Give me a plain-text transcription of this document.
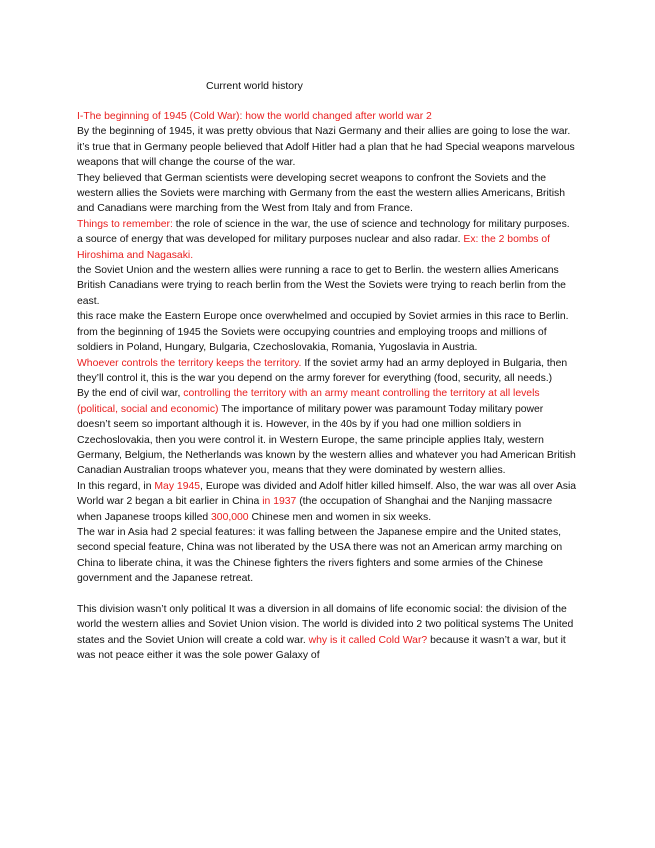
Current world history

I-The beginning of 1945 (Cold War): how the world changed after world war 2

By the beginning of 1945, it was pretty obvious that Nazi Germany and their allies are going to lose the war. it’s true that in Germany people believed that Adolf Hitler had a plan that he had Special weapons marvelous weapons that will change the course of the war.

They believed that German scientists were developing secret weapons to confront the Soviets and the western allies the Soviets were marching with Germany from the east the western allies Americans, British and Canadians were marching from the West from Italy and from France.

Things to remember: the role of science in the war, the use of science and technology for military purposes. a source of energy that was developed for military purposes nuclear and also radar. Ex: the 2 bombs of Hiroshima and Nagasaki.

the Soviet Union and the western allies were running a race to get to Berlin. the western allies Americans British Canadians were trying to reach berlin from the West the Soviets were trying to reach berlin from the east.

this race make the Eastern Europe once overwhelmed and occupied by Soviet armies in this race to Berlin. from the beginning of 1945 the Soviets were occupying countries and employing troops and millions of soldiers in Poland, Hungary, Bulgaria, Czechoslovakia, Romania, Yugoslavia in Austria.

Whoever controls the territory keeps the territory. If the soviet army had an army deployed in Bulgaria, then they’ll control it, this is the war you depend on the army forever for everything (food, security, all needs.)

By the end of civil war, controlling the territory with an army meant controlling the territory at all levels (political, social and economic) The importance of military power was paramount Today military power doesn’t seem so important although it is. However, in the 40s by if you had one million soldiers in Czechoslovakia, then you were control it. in Western Europe, the same principle applies Italy, western Germany, Belgium, the Netherlands was known by the western allies and whatever you had American British Canadian Australian troops whatever you, means that they were dominated by western allies.

In this regard, in May 1945, Europe was divided and Adolf hitler killed himself. Also, the war was all over Asia World war 2 began a bit earlier in China in 1937 (the occupation of Shanghai and the Nanjing massacre when Japanese troops killed 300,000 Chinese men and women in six weeks.

The war in Asia had 2 special features: it was falling between the Japanese empire and the United states, second special feature, China was not liberated by the USA there was not an American army marching on China to liberate china, it was the Chinese fighters the rivers fighters and some armies of the Chinese government and the Japanese retreat.

This division wasn’t only political It was a diversion in all domains of life economic social: the division of the world the western allies and Soviet Union vision. The world is divided into 2 two political systems The United states and the Soviet Union will create a cold war. why is it called Cold War? because it wasn’t a war, but it was not peace either it was the sole power Galaxy of
